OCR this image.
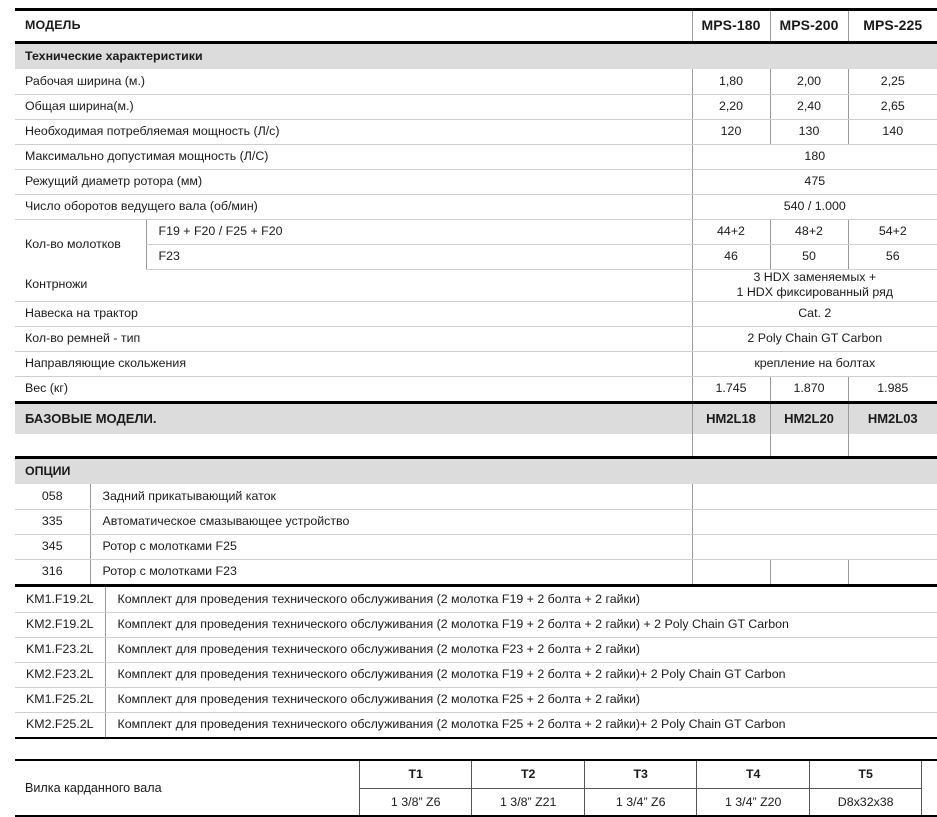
МОДЕЛЬ	MPS-180	MPS-200	MPS-225
Технические характеристики				
Рабочая ширина (м.)		1,80	2,00	2,25
Общая ширина(м.)		2,20	2,40	2,65
Необходимая потребляемая мощность (Л/с)		120	130	140
Максимально допустимая мощность (Л/С)		180		
Режущий диаметр ротора (мм)		475		
Число оборотов ведущего вала (об/мин)		540 / 1.000		
Кол-во молотков	F19 + F20 / F25 + F20	44+2	48+2	54+2
	F23	46	50	56
Контрножи		3 HDX заменяемых +
1 HDX фиксированный ряд		

Навеска на трактор		Cat. 2		
Кол-во ремней - тип		2 Poly Chain GT Carbon		
Направляющие скольжения		крепление на болтах		
Вес (кг)		1.745	1.870	1.985
БАЗОВЫЕ МОДЕЛИ.	HM2L18	HM2L20	HM2L03

ОПЦИИ				
058	Задний прикатывающий каток			
335	Автоматическое смазывающее устройство			
345	Ротор с молотками F25			
316	Ротор с молотками F23			
KM1.F19.2L	Комплект для проведения технического обслуживания (2 молотка F19 + 2 болта + 2 гайки)
KM2.F19.2L	Комплект для проведения технического обслуживания (2 молотка F19 + 2 болта + 2 гайки) + 2 Poly Chain GT Carbon
KM1.F23.2L	Комплект для проведения технического обслуживания (2 молотка F23 + 2 болта + 2 гайки)
KM2.F23.2L	Комплект для проведения технического обслуживания (2 молотка F19 + 2 болта + 2 гайки)+ 2 Poly Chain GT Carbon
KM1.F25.2L	Комплект для проведения технического обслуживания (2 молотка F25 + 2 болта + 2 гайки)
KM2.F25.2L	Комплект для проведения технического обслуживания (2 молотка F25 + 2 болта + 2 гайки)+ 2 Poly Chain GT Carbon
Вилка карданного вала	T1	T2	T3	T4	T5	
	1 3/8” Z6	1 3/8” Z21	1 3/4” Z6	1 3/4” Z20	D8x32x38	
